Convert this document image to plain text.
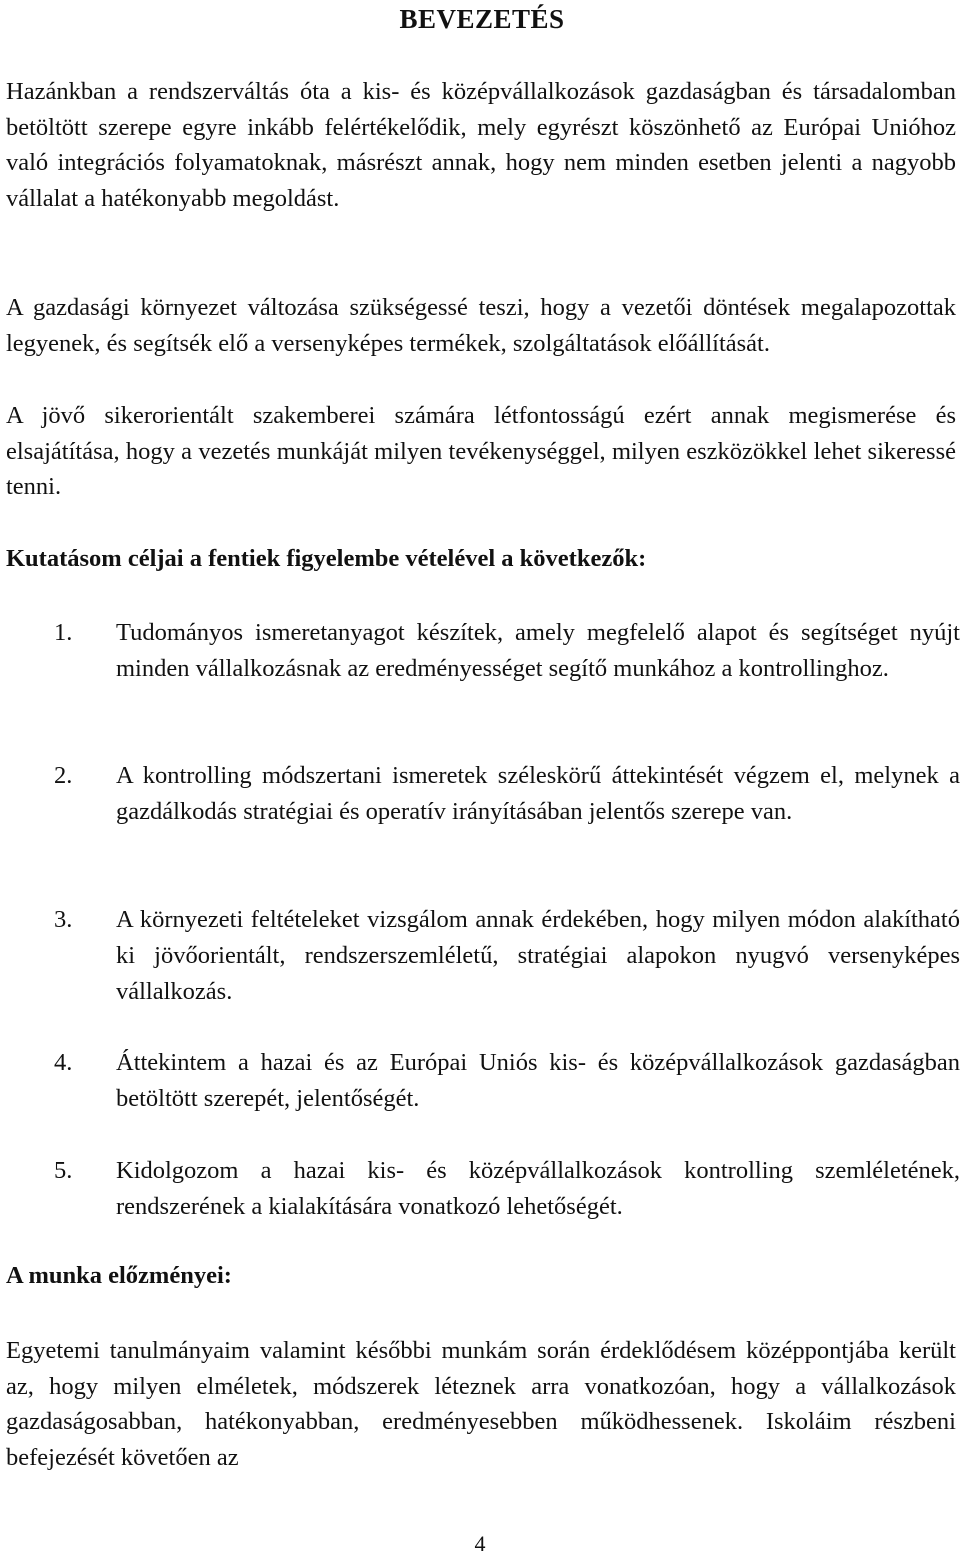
BEVEZETÉS
Hazánkban a rendszerváltás óta a kis- és középvállalkozások gazdaságban és társadalomban betöltött szerepe egyre inkább felértékelődik, mely egyrészt köszönhető az Európai Unióhoz való integrációs folyamatoknak, másrészt annak, hogy nem minden esetben jelenti a nagyobb vállalat a hatékonyabb megoldást.
A gazdasági környezet változása szükségessé teszi, hogy a vezetői döntések megalapozottak legyenek, és segítsék elő a versenyképes termékek, szolgáltatások előállítását.
A jövő sikerorientált szakemberei számára létfontosságú ezért annak megismerése és elsajátítása, hogy a vezetés munkáját milyen tevékenységgel, milyen eszközökkel lehet sikeressé tenni.
Kutatásom céljai a fentiek figyelembe vételével a következők:
1. Tudományos ismeretanyagot készítek, amely megfelelő alapot és segítséget nyújt minden vállalkozásnak az eredményességet segítő munkához a kontrollinghoz.
2. A kontrolling módszertani ismeretek széleskörű áttekintését végzem el, melynek a gazdálkodás stratégiai és operatív irányításában jelentős szerepe van.
3. A környezeti feltételeket vizsgálom annak érdekében, hogy milyen módon alakítható ki jövőorientált, rendszerszemléletű, stratégiai alapokon nyugvó versenyképes vállalkozás.
4. Áttekintem a hazai és az Európai Uniós kis- és középvállalkozások gazdaságban betöltött szerepét, jelentőségét.
5. Kidolgozom a hazai kis- és középvállalkozások kontrolling szemléletének, rendszerének a kialakítására vonatkozó lehetőségét.
A munka előzményei:
Egyetemi tanulmányaim valamint későbbi munkám során érdeklődésem középpontjába került az, hogy milyen elméletek, módszerek léteznek arra vonatkozóan, hogy a vállalkozások gazdaságosabban, hatékonyabban, eredményesebben működhessenek. Iskoláim részbeni befejezését követően az
4
